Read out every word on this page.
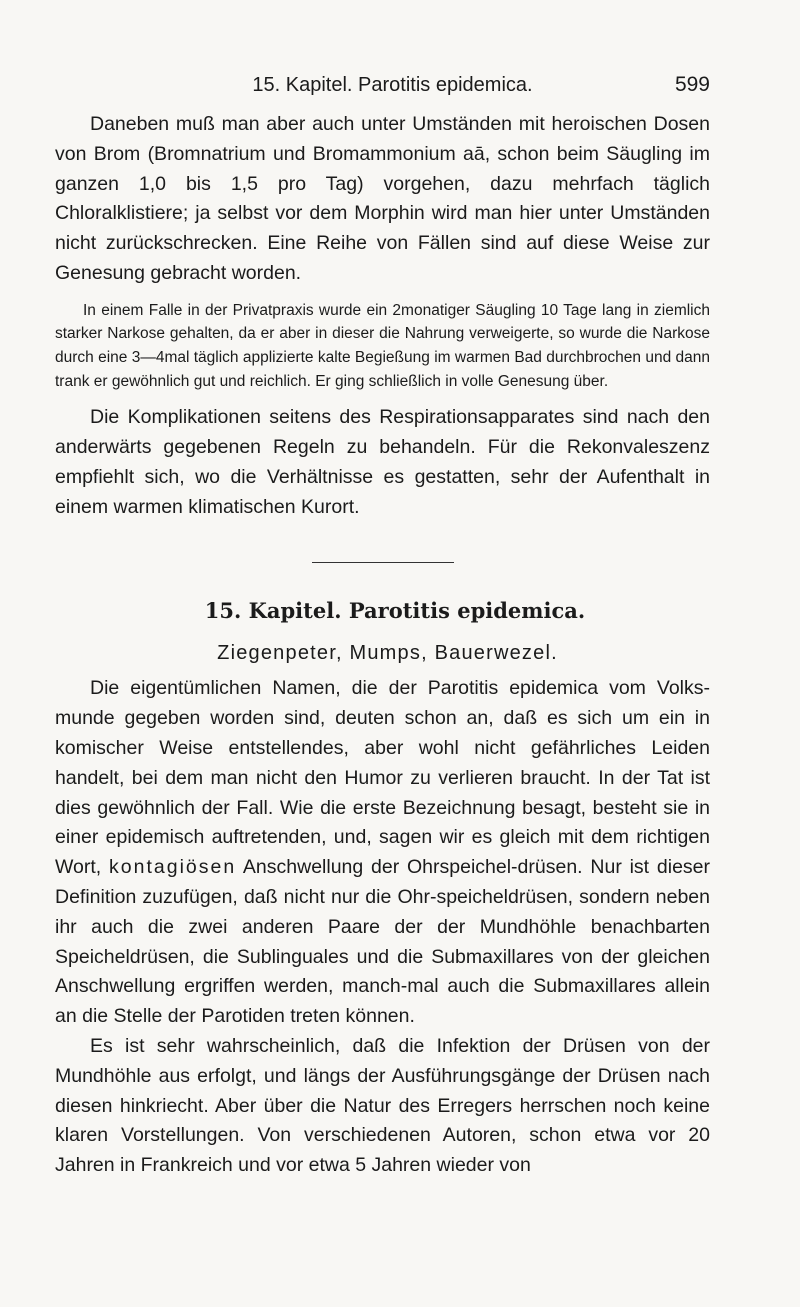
15. Kapitel. Parotitis epidemica.	599

Daneben muß man aber auch unter Umständen mit heroischen Dosen von Brom (Bromnatrium und Bromammonium aā, schon beim Säugling im ganzen 1,0 bis 1,5 pro Tag) vorgehen, dazu mehrfach täglich Chloralklistiere; ja selbst vor dem Morphin wird man hier unter Umständen nicht zurückschrecken. Eine Reihe von Fällen sind auf diese Weise zur Genesung gebracht worden.

In einem Falle in der Privatpraxis wurde ein 2monatiger Säugling 10 Tage lang in ziemlich starker Narkose gehalten, da er aber in dieser die Nahrung verweigerte, so wurde die Narkose durch eine 3—4mal täglich applizierte kalte Begießung im warmen Bad durchbrochen und dann trank er gewöhnlich gut und reichlich. Er ging schließlich in volle Genesung über.

Die Komplikationen seitens des Respirationsapparates sind nach den anderwärts gegebenen Regeln zu behandeln. Für die Rekonvaleszenz empfiehlt sich, wo die Verhältnisse es gestatten, sehr der Aufenthalt in einem warmen klimatischen Kurort.

15. Kapitel. Parotitis epidemica.
Ziegenpeter, Mumps, Bauerwezel.

Die eigentümlichen Namen, die der Parotitis epidemica vom Volks-munde gegeben worden sind, deuten schon an, daß es sich um ein in komischer Weise entstellendes, aber wohl nicht gefährliches Leiden handelt, bei dem man nicht den Humor zu verlieren braucht. In der Tat ist dies gewöhnlich der Fall. Wie die erste Bezeichnung besagt, besteht sie in einer epidemisch auftretenden, und, sagen wir es gleich mit dem richtigen Wort, kontagiösen Anschwellung der Ohrspeichel-drüsen. Nur ist dieser Definition zuzufügen, daß nicht nur die Ohr-speicheldrüsen, sondern neben ihr auch die zwei anderen Paare der der Mundhöhle benachbarten Speicheldrüsen, die Sublinguales und die Submaxillares von der gleichen Anschwellung ergriffen werden, manch-mal auch die Submaxillares allein an die Stelle der Parotiden treten können.

Es ist sehr wahrscheinlich, daß die Infektion der Drüsen von der Mundhöhle aus erfolgt, und längs der Ausführungsgänge der Drüsen nach diesen hinkriecht. Aber über die Natur des Erregers herrschen noch keine klaren Vorstellungen. Von verschiedenen Autoren, schon etwa vor 20 Jahren in Frankreich und vor etwa 5 Jahren wieder von
